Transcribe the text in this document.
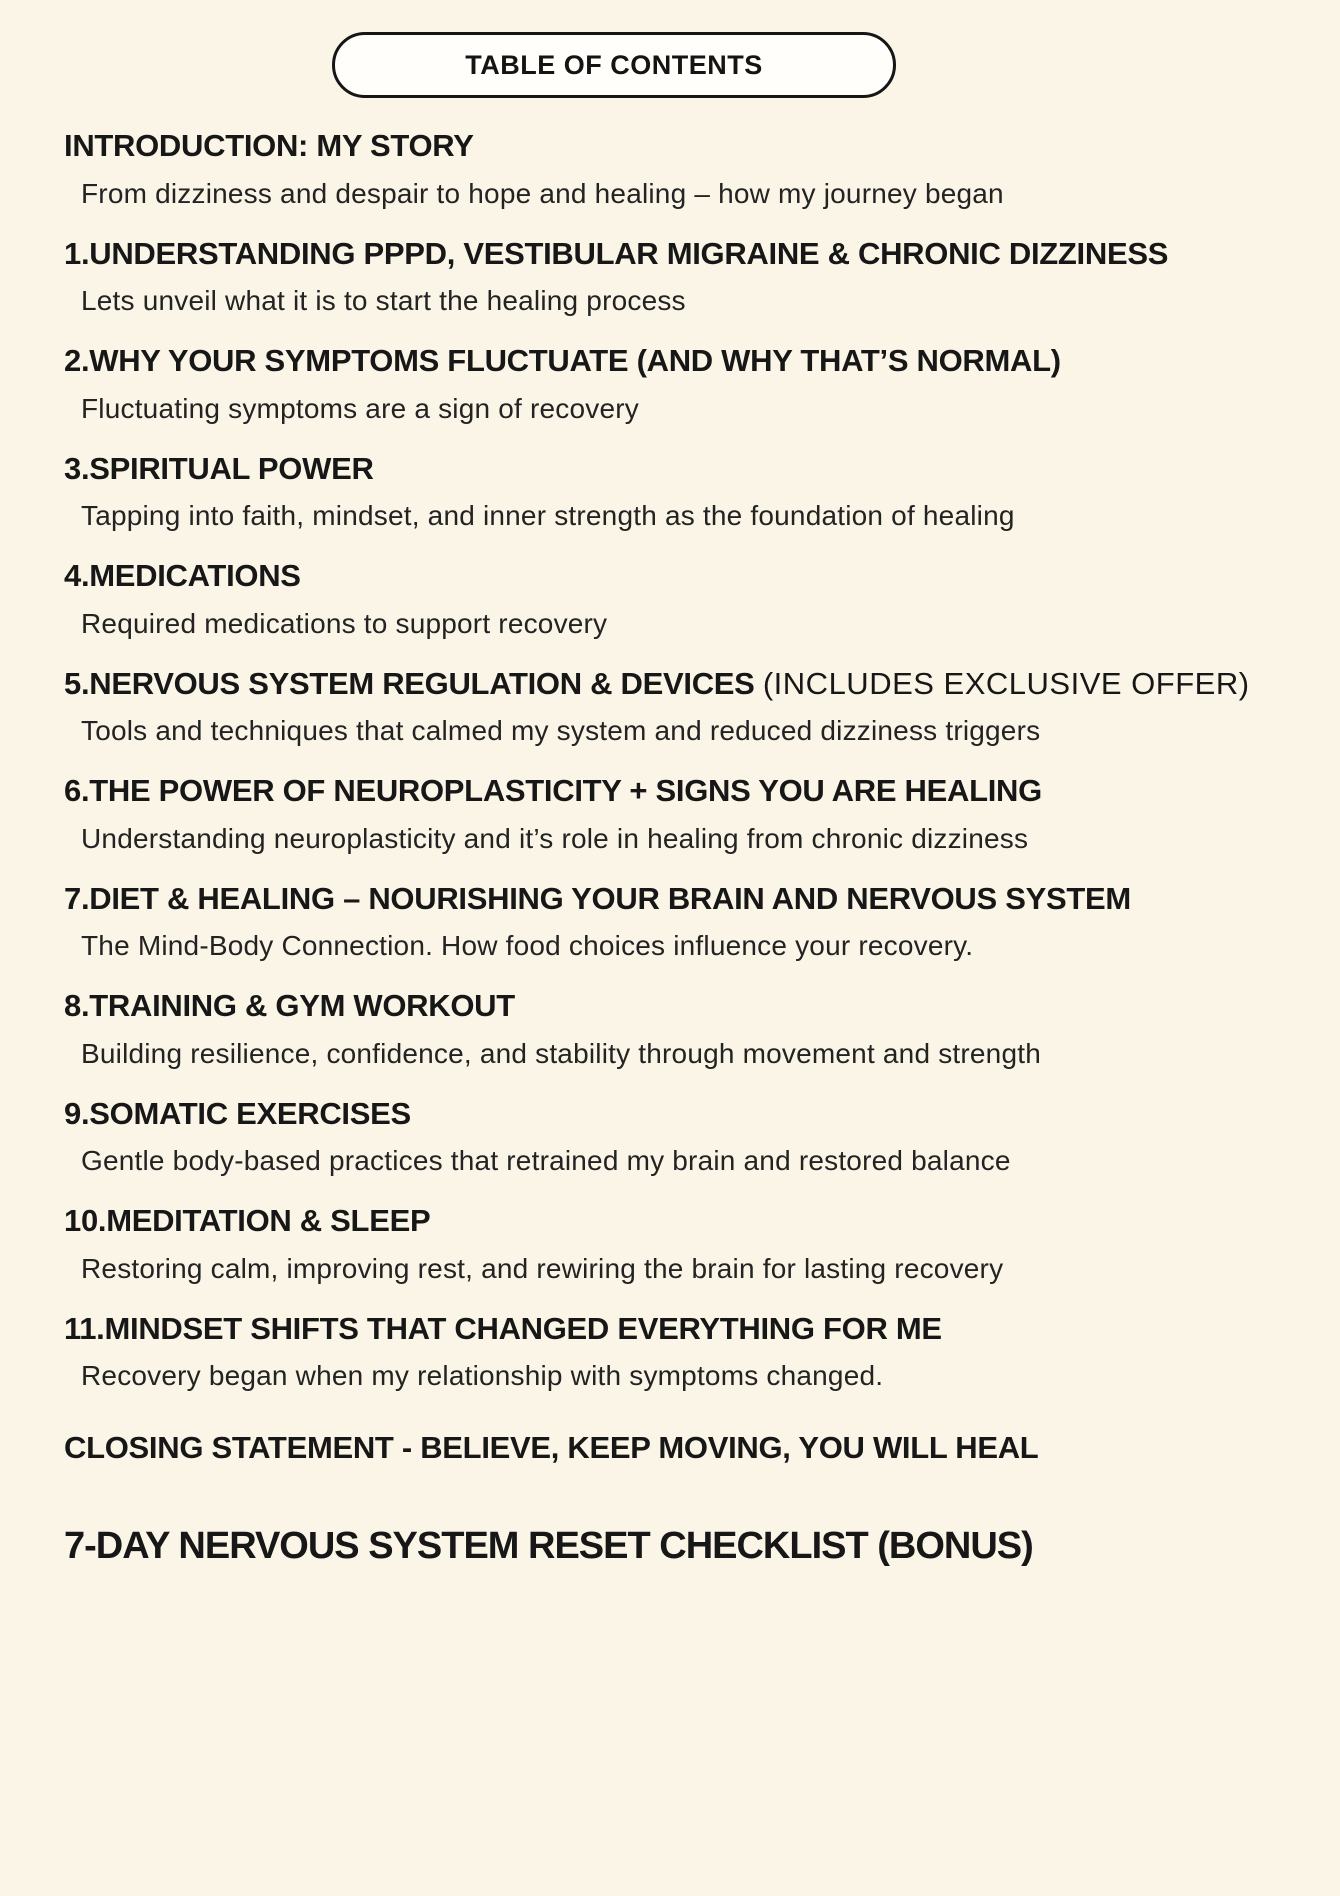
TABLE OF CONTENTS
INTRODUCTION: MY STORY
From dizziness and despair to hope and healing – how my journey began
1.UNDERSTANDING PPPD, VESTIBULAR MIGRAINE & CHRONIC DIZZINESS
Lets unveil what it is to start the healing process
2.WHY YOUR SYMPTOMS FLUCTUATE (AND WHY THAT’S NORMAL)
Fluctuating symptoms are a sign of recovery
3.SPIRITUAL POWER
Tapping into faith, mindset, and inner strength as the foundation of healing
4.MEDICATIONS
Required medications to support recovery
5.NERVOUS SYSTEM REGULATION & DEVICES (INCLUDES EXCLUSIVE OFFER)
Tools and techniques that calmed my system and reduced dizziness triggers
6.THE POWER OF NEUROPLASTICITY + SIGNS YOU ARE HEALING
Understanding neuroplasticity and it’s role in healing from chronic dizziness
7.DIET & HEALING – NOURISHING YOUR BRAIN AND NERVOUS SYSTEM
The Mind-Body Connection. How food choices influence your recovery.
8.TRAINING & GYM WORKOUT
Building resilience, confidence, and stability through movement and strength
9.SOMATIC EXERCISES
Gentle body-based practices that retrained my brain and restored balance
10.MEDITATION & SLEEP
Restoring calm, improving rest, and rewiring the brain for lasting recovery
11.MINDSET SHIFTS THAT CHANGED EVERYTHING FOR ME
Recovery began when my relationship with symptoms changed.
CLOSING STATEMENT - BELIEVE, KEEP MOVING, YOU WILL HEAL
7-DAY NERVOUS SYSTEM RESET CHECKLIST (BONUS)
